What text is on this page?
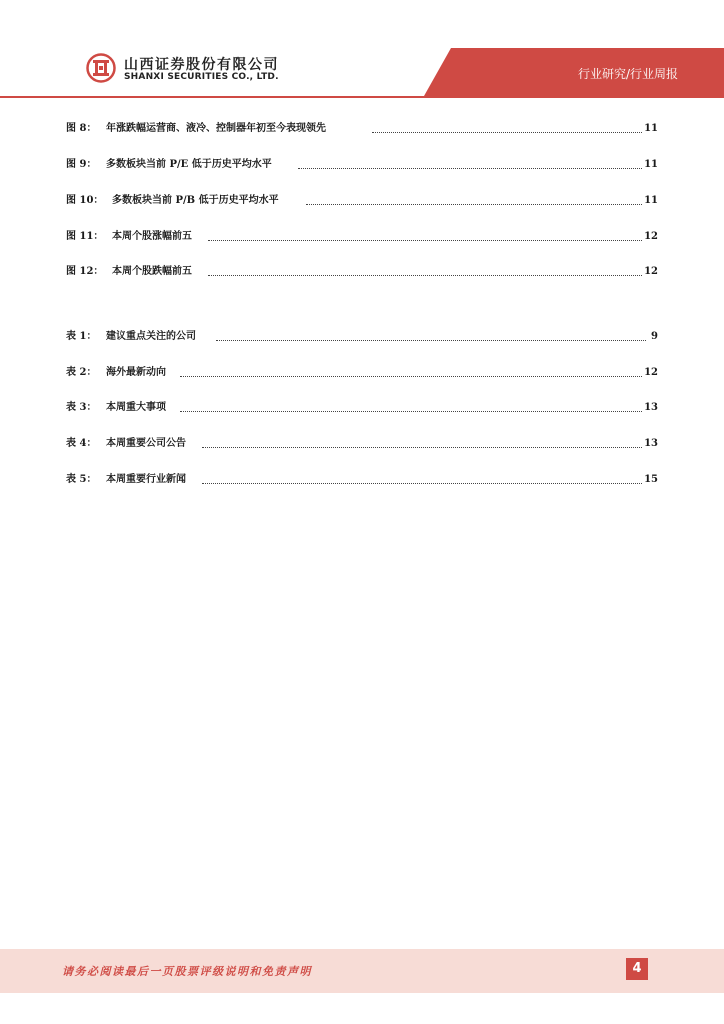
山西证券股份有限公司
SHANXI SECURITIES CO., LTD.	行业研究/行业周报
图 8： 年涨跌幅运营商、液冷、控制器年初至今表现领先	11
图 9： 多数板块当前 P/E 低于历史平均水平	11
图 10： 多数板块当前 P/B 低于历史平均水平	11
图 11： 本周个股涨幅前五	12
图 12： 本周个股跌幅前五	12
表 1： 建议重点关注的公司	9
表 2： 海外最新动向	12
表 3： 本周重大事项	13
表 4： 本周重要公司公告	13
表 5： 本周重要行业新闻	15
请务必阅读最后一页股票评级说明和免责声明	4
